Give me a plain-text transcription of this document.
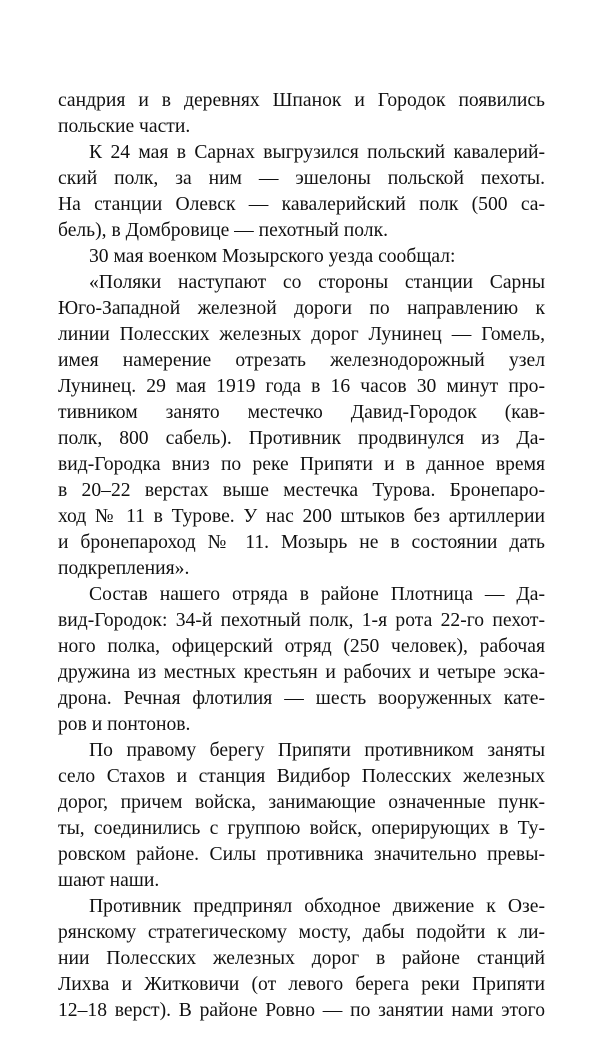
сандрия и в деревнях Шпанок и Городок появились
польские части.
К 24 мая в Сарнах выгрузился польский кавалерий-
ский полк, за ним — эшелоны польской пехоты.
На станции Олевск — кавалерийский полк (500 са-
бель), в Домбровице — пехотный полк.
30 мая военком Мозырского уезда сообщал:
«Поляки наступают со стороны станции Сарны
Юго-Западной железной дороги по направлению к
линии Полесских железных дорог Лунинец — Гомель,
имея намерение отрезать железнодорожный узел
Лунинец. 29 мая 1919 года в 16 часов 30 минут про-
тивником занято местечко Давид-Городок (кав-
полк, 800 сабель). Противник продвинулся из Да-
вид-Городка вниз по реке Припяти и в данное время
в 20–22 верстах выше местечка Турова. Бронепаро-
ход № 11 в Турове. У нас 200 штыков без артиллерии
и бронепароход № 11. Мозырь не в состоянии дать
подкрепления».
Состав нашего отряда в районе Плотница — Да-
вид-Городок: 34-й пехотный полк, 1-я рота 22-го пехот-
ного полка, офицерский отряд (250 человек), рабочая
дружина из местных крестьян и рабочих и четыре эска-
дрона. Речная флотилия — шесть вооруженных кате-
ров и понтонов.
По правому берегу Припяти противником заняты
село Стахов и станция Видибор Полесских железных
дорог, причем войска, занимающие означенные пунк-
ты, соединились с группою войск, оперирующих в Ту-
ровском районе. Силы противника значительно превы-
шают наши.
Противник предпринял обходное движение к Озе-
рянскому стратегическому мосту, дабы подойти к ли-
нии Полесских железных дорог в районе станций
Лихва и Житковичи (от левого берега реки Припяти
12–18 верст). В районе Ровно — по занятии нами этого
